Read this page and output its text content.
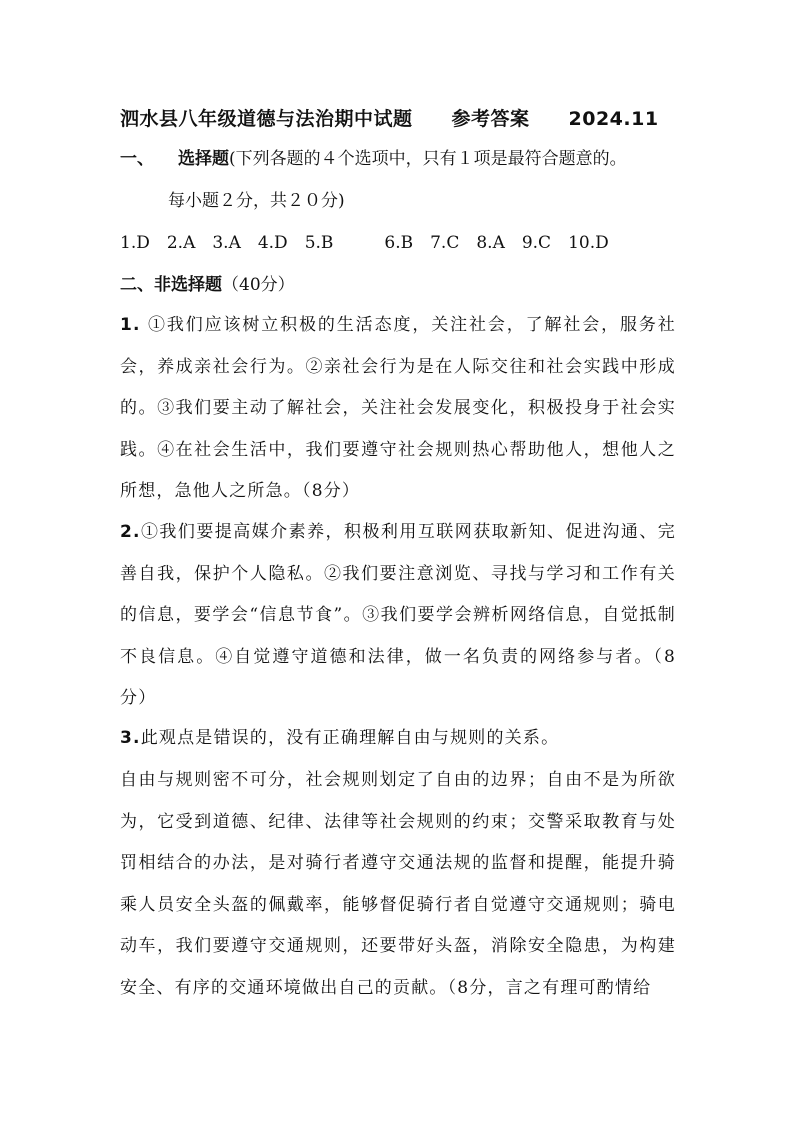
泗水县八年级道德与法治期中试题　　参考答案　　2024.11
一、 选择题(下列各题的４个选项中，只有１项是最符合题意的。
每小题２分，共２０分)
1.D　2.A　3.A　4.D　5.B　　　6.B　7.C　8.A　9.C　10.D
二、非选择题（40分）
1. ①我们应该树立积极的生活态度，关注社会，了解社会，服务社会，养成亲社会行为。②亲社会行为是在人际交往和社会实践中形成的。③我们要主动了解社会，关注社会发展变化，积极投身于社会实践。④在社会生活中，我们要遵守社会规则热心帮助他人，想他人之所想，急他人之所急。（8分）
2.①我们要提高媒介素养，积极利用互联网获取新知、促进沟通、完善自我，保护个人隐私。②我们要注意浏览、寻找与学习和工作有关的信息，要学会“信息节食”。③我们要学会辨析网络信息，自觉抵制不良信息。④自觉遵守道德和法律，做一名负责的网络参与者。（8分）
3.此观点是错误的，没有正确理解自由与规则的关系。
自由与规则密不可分，社会规则划定了自由的边界；自由不是为所欲为，它受到道德、纪律、法律等社会规则的约束；交警采取教育与处罚相结合的办法，是对骑行者遵守交通法规的监督和提醒，能提升骑乘人员安全头盔的佩戴率，能够督促骑行者自觉遵守交通规则；骑电动车，我们要遵守交通规则，还要带好头盔，消除安全隐患，为构建安全、有序的交通环境做出自己的贡献。（8分，言之有理可酌情给
